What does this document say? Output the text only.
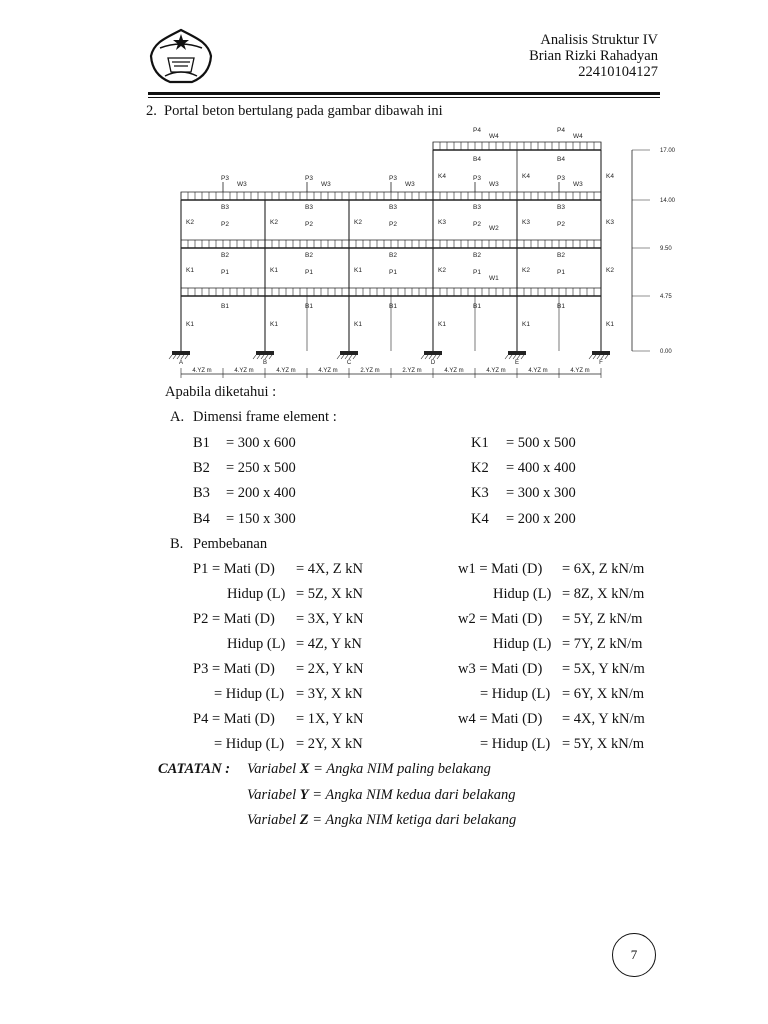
Analisis Struktur IV
Brian Rizki Rahadyan
22410104127
2. Portal beton bertulang pada gambar dibawah ini
A	B	C	D	E	F
4.YZ m	4.YZ m	4.YZ m	4.YZ m	2.YZ m	2.YZ m	4.YZ m	4.YZ m	4.YZ m	4.YZ m
K2	K2	K2	K3	K3	K3
K1	K1	K1	K2	K2	K2
K1	K1	K1	K1	K1	K1
K4	K4	K4
B3
B2
B1
P2
P1
P3
W3
B3
B2
B1
P2
P1
P3
W3
B3
B2
B1
P2
P1
P3
W3
B3
B2
B1
P2
P1
P3
W3
B3
B2
B1
P2
P1
P3
W3
B4
P4
W4
B4
P4
W4
W2
W1
17.00
14.00
9.50
4.75
0.00
Apabila diketahui :
A. Dimensi frame element :
B1 = 300 x 600
B2 = 250 x 500
B3 = 200 x 400
B4 = 150 x 300
K1 = 500 x 500
K2 = 400 x 400
K3 = 300 x 300
K4 = 200 x 200
B. Pembebanan
P1 = Mati (D) = 4X, Z kN	w1 = Mati (D) = 6X, Z kN/m
Hidup (L) = 5Z, X kN	Hidup (L) = 8Z, X kN/m
P2 = Mati (D) = 3X, Y kN	w2 = Mati (D) = 5Y, Z kN/m
Hidup (L) = 4Z, Y kN	Hidup (L) = 7Y, Z kN/m
P3 = Mati (D) = 2X, Y kN	w3 = Mati (D) = 5X, Y kN/m
= Hidup (L) = 3Y, X kN	= Hidup (L) = 6Y, X kN/m
P4 = Mati (D) = 1X, Y kN	w4 = Mati (D) = 4X, Y kN/m
= Hidup (L) = 2Y, X kN	= Hidup (L) = 5Y, X kN/m
CATATAN : Variabel X = Angka NIM paling belakang
Variabel Y = Angka NIM kedua dari belakang
Variabel Z = Angka NIM ketiga dari belakang
7
